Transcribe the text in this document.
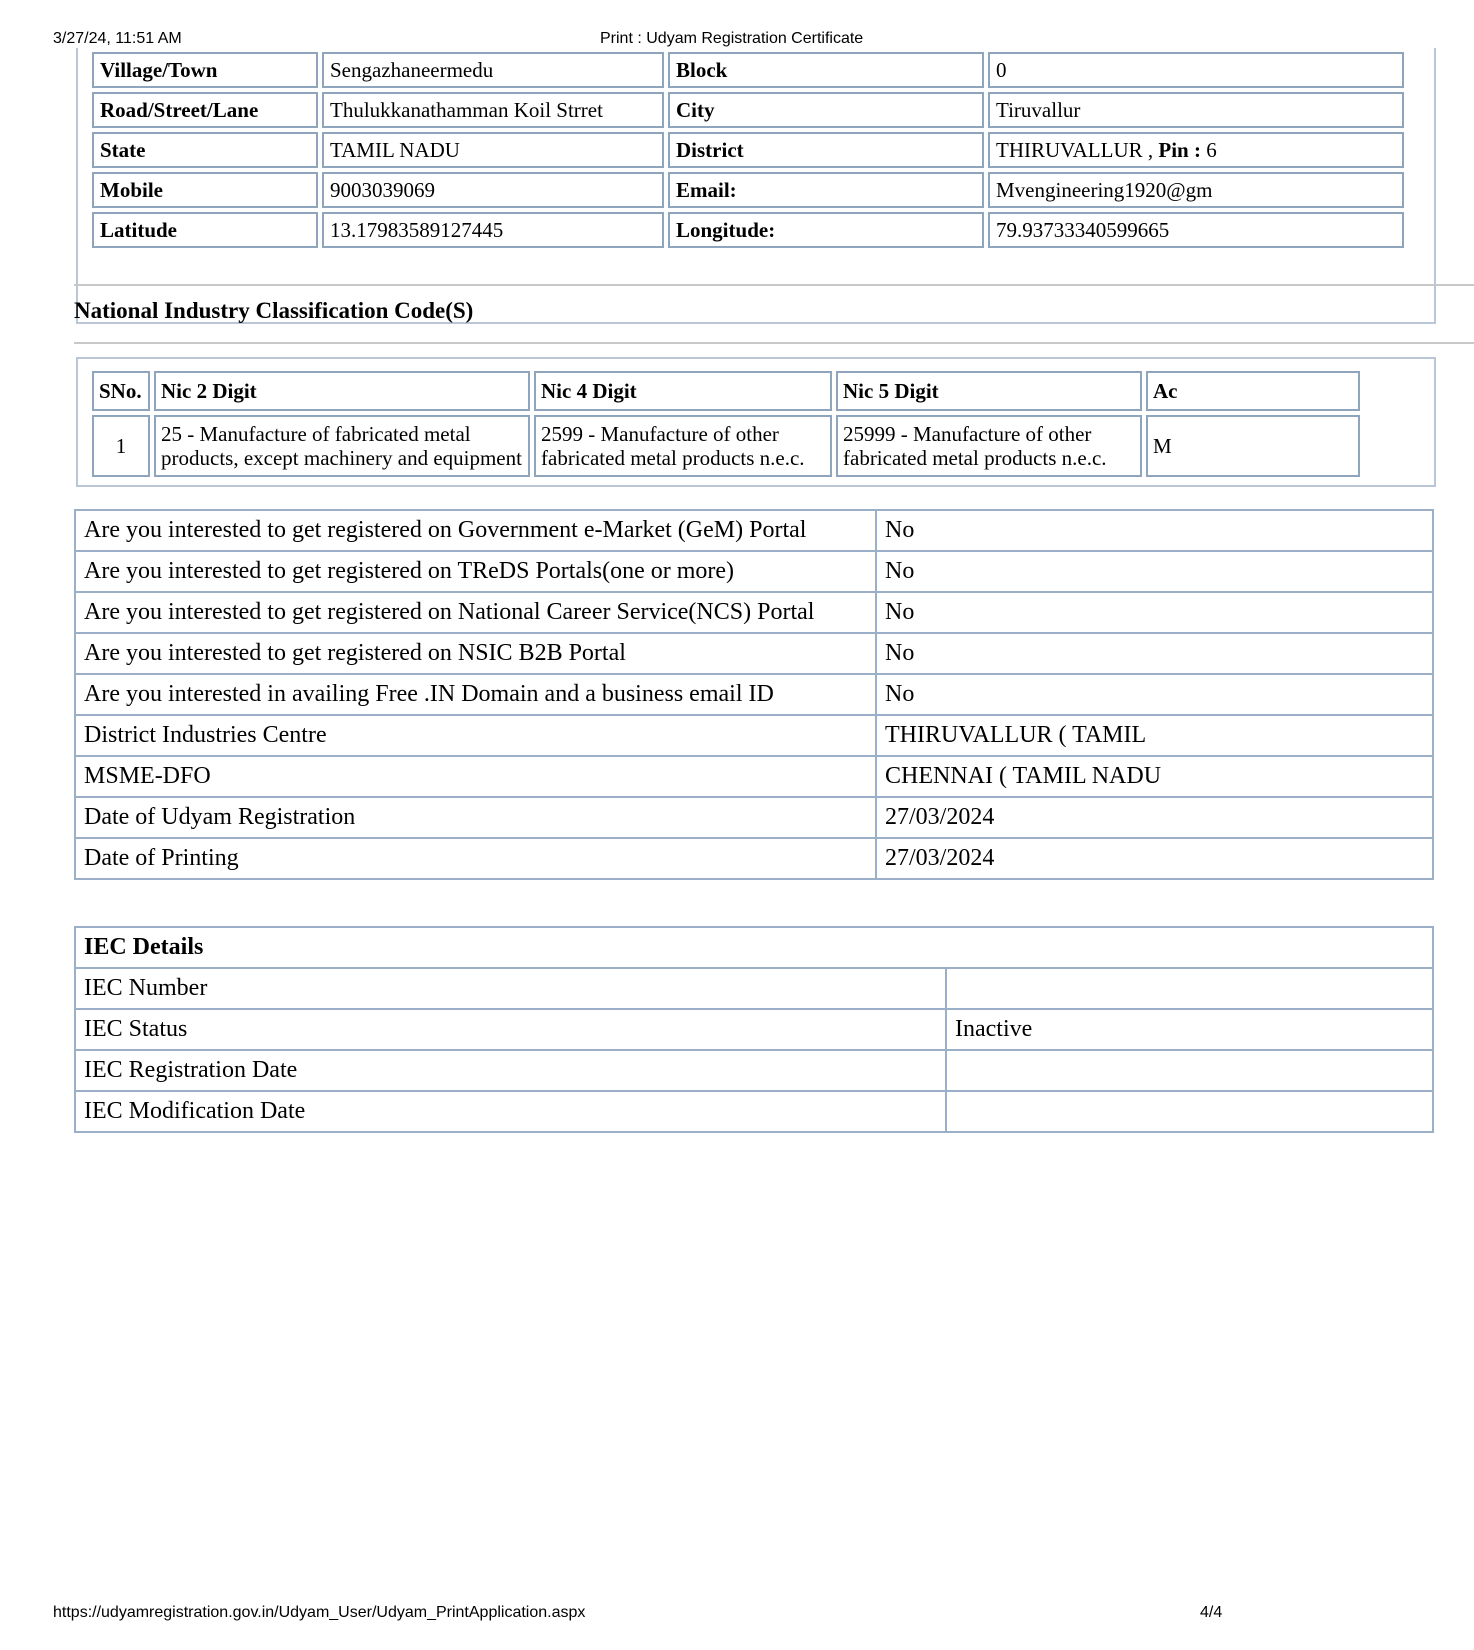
3/27/24, 11:51 AM	Print : Udyam Registration Certificate
Village/Town	Sengazhaneermedu	Block	0
Road/Street/Lane	Thulukkanathamman Koil Strret	City	Tiruvallur
State	TAMIL NADU	District	THIRUVALLUR , Pin : 6
Mobile	9003039069	Email:	Mvengineering1920@gm
Latitude	13.17983589127445	Longitude:	79.93733340599665
National Industry Classification Code(S)
SNo.	Nic 2 Digit	Nic 4 Digit	Nic 5 Digit	Ac
1	25 - Manufacture of fabricated metal products, except machinery and equipment	2599 - Manufacture of other fabricated metal products n.e.c.	25999 - Manufacture of other fabricated metal products n.e.c.	M
Are you interested to get registered on Government e-Market (GeM) Portal	No
Are you interested to get registered on TReDS Portals(one or more)	No
Are you interested to get registered on National Career Service(NCS) Portal	No
Are you interested to get registered on NSIC B2B Portal	No
Are you interested in availing Free .IN Domain and a business email ID	No
District Industries Centre	THIRUVALLUR ( TAMIL
MSME-DFO	CHENNAI ( TAMIL NADU
Date of Udyam Registration	27/03/2024
Date of Printing	27/03/2024
IEC Details	
IEC Number	
IEC Status	Inactive
IEC Registration Date	
IEC Modification Date	
https://udyamregistration.gov.in/Udyam_User/Udyam_PrintApplication.aspx	4/4
